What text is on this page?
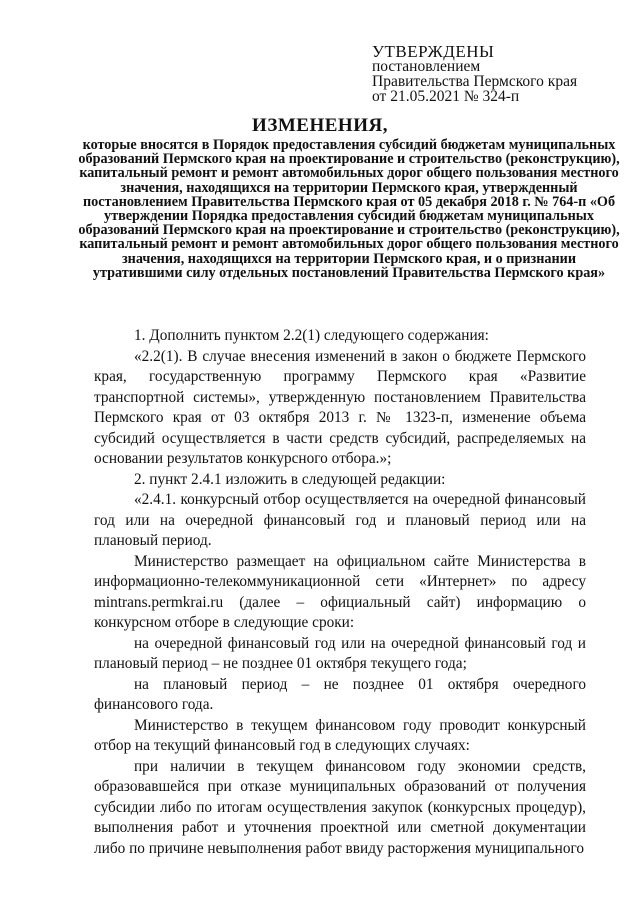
УТВЕРЖДЕНЫ
постановлением
Правительства Пермского края
от 21.05.2021 № 324-п
ИЗМЕНЕНИЯ,
которые вносятся в Порядок предоставления субсидий бюджетам муниципальных образований Пермского края на проектирование и строительство (реконструкцию), капитальный ремонт и ремонт автомобильных дорог общего пользования местного значения, находящихся на территории Пермского края, утвержденный постановлением Правительства Пермского края от 05 декабря 2018 г. № 764-п «Об утверждении Порядка предоставления субсидий бюджетам муниципальных образований Пермского края на проектирование и строительство (реконструкцию), капитальный ремонт и ремонт автомобильных дорог общего пользования местного значения, находящихся на территории Пермского края, и о признании утратившими силу отдельных постановлений Правительства Пермского края»

1. Дополнить пунктом 2.2(1) следующего содержания:

«2.2(1). В случае внесения изменений в закон о бюджете Пермского края, государственную программу Пермского края «Развитие транспортной системы», утвержденную постановлением Правительства Пермского края от 03 октября 2013 г. № 1323-п, изменение объема субсидий осуществляется в части средств субсидий, распределяемых на основании результатов конкурсного отбора.»;

2. пункт 2.4.1 изложить в следующей редакции:

«2.4.1. конкурсный отбор осуществляется на очередной финансовый год или на очередной финансовый год и плановый период или на плановый период.

Министерство размещает на официальном сайте Министерства в информационно-телекоммуникационной сети «Интернет» по адресу mintrans.permkrai.ru (далее – официальный сайт) информацию о конкурсном отборе в следующие сроки:

на очередной финансовый год или на очередной финансовый год и плановый период – не позднее 01 октября текущего года;

на плановый период – не позднее 01 октября очередного финансового года.

Министерство в текущем финансовом году проводит конкурсный отбор на текущий финансовый год в следующих случаях:

при наличии в текущем финансовом году экономии средств, образовавшейся при отказе муниципальных образований от получения субсидии либо по итогам осуществления закупок (конкурсных процедур), выполнения работ и уточнения проектной или сметной документации либо по причине невыполнения работ ввиду расторжения муниципального
